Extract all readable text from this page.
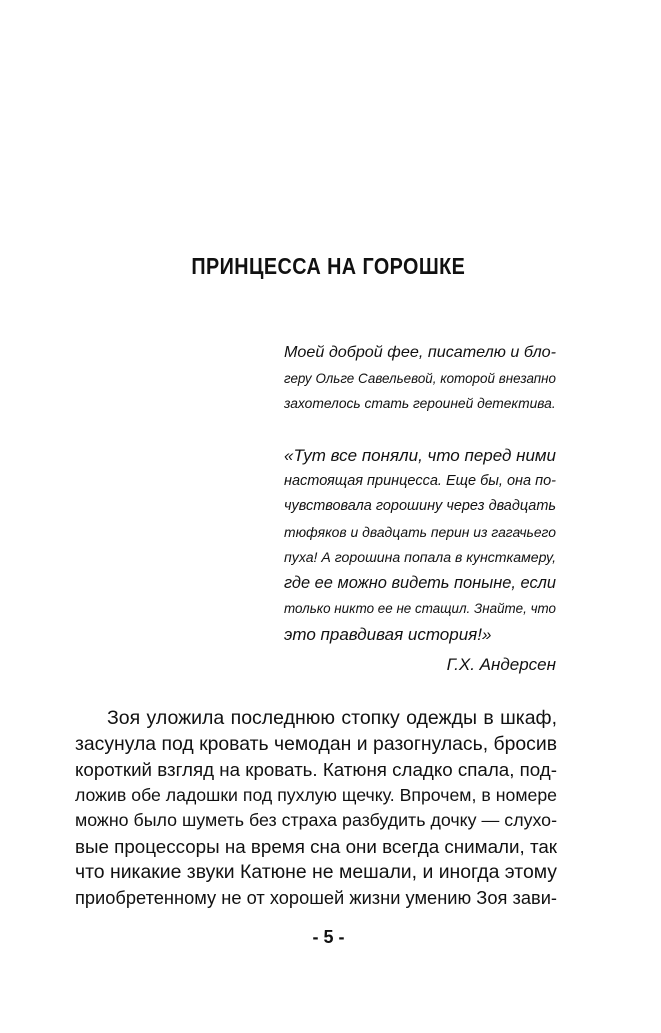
ПРИНЦЕССА НА ГОРОШКЕ
Моей доброй фее, писателю и бло-
геру Ольге Савельевой, которой внезапно
захотелось стать героиней детектива.
«Тут все поняли, что перед ними
настоящая принцесса. Еще бы, она по-
чувствовала горошину через двадцать
тюфяков и двадцать перин из гагачьего
пуха! А горошина попала в кунсткамеру,
где ее можно видеть поныне, если
только никто ее не стащил. Знайте, что
это правдивая история!»
Г.Х. Андерсен
Зоя уложила последнюю стопку одежды в шкаф,
засунула под кровать чемодан и разогнулась, бросив
короткий взгляд на кровать. Катюня сладко спала, под-
ложив обе ладошки под пухлую щечку. Впрочем, в номере
можно было шуметь без страха разбудить дочку — слухо-
вые процессоры на время сна они всегда снимали, так
что никакие звуки Катюне не мешали, и иногда этому
приобретенному не от хорошей жизни умению Зоя зави-
- 5 -
